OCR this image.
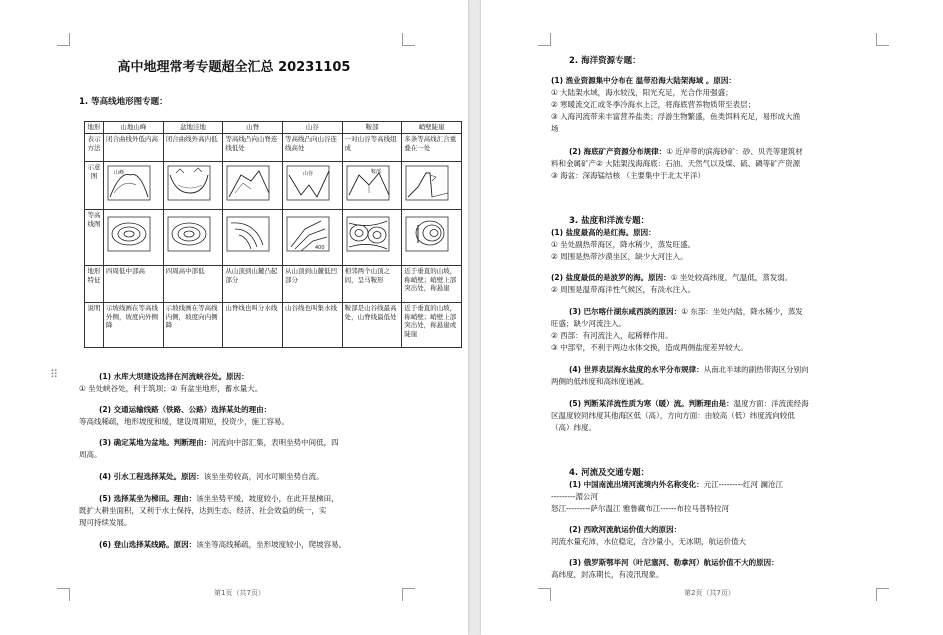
高中地理常考专题超全汇总 20231105
1. 等高线地形图专题：
地形	山地山峰	盆地洼地	山脊	山谷	鞍部	峭壁陡崖
表示方法	闭合曲线外低内高	闭合曲线外高内低	等高线凸向山脊连线低处	等高线凸向山谷连线高处	一对山谷等高线组成	多条等高线汇合重叠在一处
示意图	山峰			山谷	鞍部

等高线图				400

地形特征	四周低中部高	四周高中部低	从山顶到山麓凸起部分	从山顶到山麓低凹部分	相邻两个山顶之间，呈马鞍形	近于垂直的山坡，称峭壁；峭壁上部突出处，称悬崖
说明	示坡线画在等高线外侧，坡度向外侧降	示坡线画在等高线内侧，坡度向内侧降	山脊线也叫分水线	山谷线也叫集水线	鞍部是山谷线最高处，山脊线最低处	近于垂直的山坡，称峭壁；峭壁上部突出处，称悬崖或陡崖
⠿	(1) 水库大坝建设选择在河流峡谷处。原因：
① 坐处峡谷处，利于筑坝；② 有盆坐地形，蓄水量大。
(2) 交通运输线路（铁路、公路）选择某处的理由：
等高线稀疏，地形坡度和缓，建设周期短，投资少，施工容易。
(3) 确定某地为盆地。判断理由：河流向中部汇集，表明坐势中间低，四
周高。
(4) 引水工程选择某处。原因：该坐坐势较高，河水可顺坐势自流。
(5) 选择某坐为梯田。理由：该坐坐势平缓，坡度较小，在此开垦梯田，
既扩大耕坐面积，又利于水土保持，达到生态、经济、社会效益的统一，实
现可持续发展。
(6) 登山选择某线路。原因：该坐等高线稀疏，坐形坡度较小，爬坡容易。
第1页（共7页）
2. 海洋资源专题：
(1) 渔业资源集中分布在 温带沿海大陆架海域 。原因：
① 大陆架水域，海水较浅，阳光充足，光合作用强盛；
② 寒暖流交汇或冬季冷海水上泛，将海底营养物质带至表层；
③ 入海河流带来丰富营养盐类；浮游生物繁盛，鱼类饵料充足，易形成大渔
场
(2) 海底矿产资源分布规律：① 近岸带的滨海砂矿：砂、贝壳等建筑材
料和金属矿产② 大陆架浅海海底：石油、天然气以及煤、硫、磷等矿产资源
③ 海盆：深海锰结核 （主要集中于北太平洋）
3. 盐度和洋流专题：
(1) 盐度最高的是红海。原因：
① 坐处副热带海区，降水稀少，蒸发旺盛。
② 周围是热带沙漠坐区，缺少大河注入。
(2) 盐度最低的是波罗的海。原因：① 坐处较高纬度，气温低，蒸发弱。
② 周围是温带海洋性气候区，有淡水注入。
(3) 巴尔喀什湖东咸西淡的原因：① 东部：坐处内陆，降水稀少，蒸发
旺盛；缺少河流注入。
② 西部：有河流注入，起稀释作用。
③ 中部窄，不利于两边水体交换，造成两侧盐度差异较大。
(4) 世界表层海水盐度的水平分布规律：从南北半球的副热带海区分别向
两侧的低纬度和高纬度递减。
(5) 判断某洋流性质为寒（暖）流。判断理由是：温度方面：洋流流经海
区温度较同纬度其他海区低（高），方向方面：由较高（低）纬度流向较低
（高）纬度。
4. 河流及交通专题：
(1) 中国南流出境河流境内外名称变化：元江---------红河 澜沧江
---------湄公河
怒江---------萨尔温江 雅鲁藏布江------布拉马普特拉河
(2) 西欧河流航运价值大的原因：
河流水量充沛，水位稳定，含沙量小，无冰期，航运价值大
(3) 俄罗斯鄂毕河（叶尼塞河、勒拿河）航运价值不大的原因：
高纬度，封冻期长，有凌汛现象。
第2页（共7页）
